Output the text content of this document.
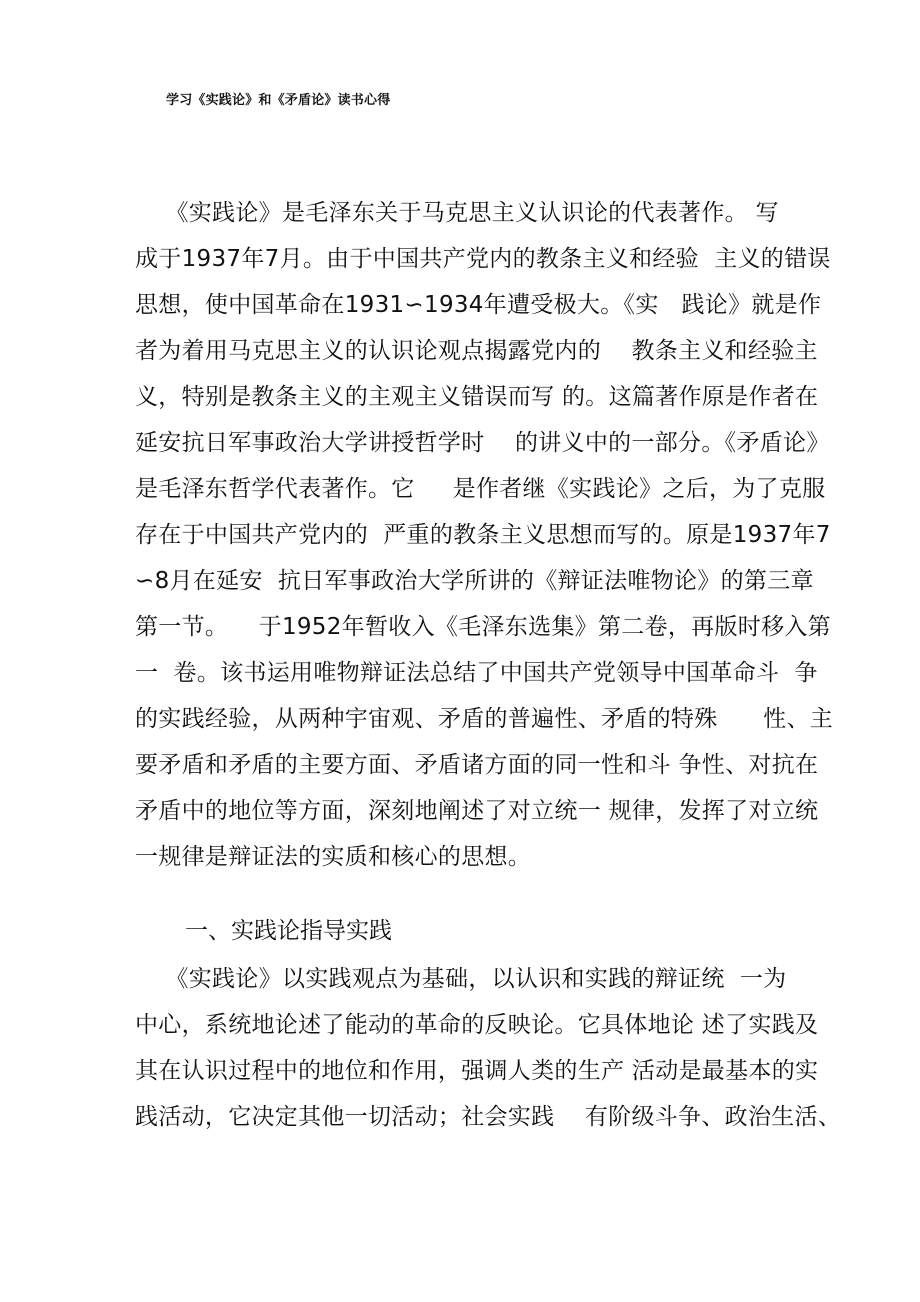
学习《实践论》和《矛盾论》读书心得
《实践论》是毛泽东关于马克思主义认识论的代表著作。 写
成于1937年7月。由于中国共产党内的教条主义和经验  主义的错误
思想，使中国革命在1931∽1934年遭受极大。《实   践论》就是作
者为着用马克思主义的认识论观点揭露党内的    教条主义和经验主
义，特别是教条主义的主观主义错误而写 的。这篇著作原是作者在
延安抗日军事政治大学讲授哲学时    的讲义中的一部分。《矛盾论》
是毛泽东哲学代表著作。它     是作者继《实践论》之后，为了克服
存在于中国共产党内的  严重的教条主义思想而写的。原是1937年7
∽8月在延安  抗日军事政治大学所讲的《辩证法唯物论》的第三章
第一节。    于1952年暂收入《毛泽东选集》第二卷，再版时移入第
一  卷。该书运用唯物辩证法总结了中国共产党领导中国革命斗  争
的实践经验，从两种宇宙观、矛盾的普遍性、矛盾的特殊      性、主
要矛盾和矛盾的主要方面、矛盾诸方面的同一性和斗 争性、对抗在
矛盾中的地位等方面，深刻地阐述了对立统一 规律，发挥了对立统
一规律是辩证法的实质和核心的思想。
一、实践论指导实践
《实践论》以实践观点为基础，以认识和实践的辩证统  一为
中心，系统地论述了能动的革命的反映论。它具体地论 述了实践及
其在认识过程中的地位和作用，强调人类的生产 活动是最基本的实
践活动，它决定其他一切活动；社会实践    有阶级斗争、政治生活、
